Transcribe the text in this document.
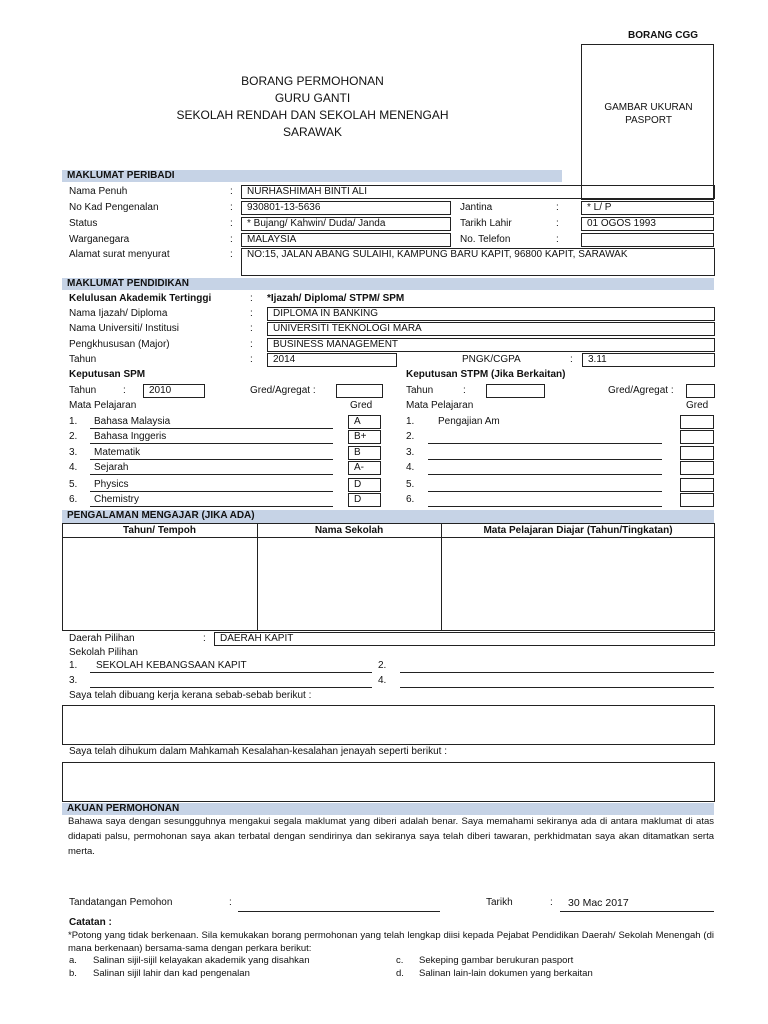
BORANG CGG
BORANG PERMOHONAN
GURU GANTI
SEKOLAH RENDAH DAN SEKOLAH MENENGAH
SARAWAK
GAMBAR UKURAN PASPORT
MAKLUMAT PERIBADI
Nama Penuh	:	NURHASHIMAH BINTI ALI
No Kad Pengenalan	:	930801-13-5636	Jantina	:	* L/ P
Status	:	* Bujang/ Kahwin/ Duda/ Janda	Tarikh Lahir	:	01 OGOS 1993
Warganegara	:	MALAYSIA	No. Telefon	:
Alamat surat menyurat	:	NO:15, JALAN ABANG SULAIHI, KAMPUNG BARU KAPIT, 96800 KAPIT, SARAWAK
MAKLUMAT PENDIDIKAN
Kelulusan Akademik Tertinggi	: *Ijazah/ Diploma/ STPM/ SPM
Nama Ijazah/ Diploma	:	DIPLOMA IN BANKING
Nama Universiti/ Institusi	:	UNIVERSITI TEKNOLOGI MARA
Pengkhususan (Major)	:	BUSINESS MANAGEMENT
Tahun	:	2014	PNGK/CGPA	:	3.11
Keputusan SPM
Tahun	:	2010	Gred/Agregat :
Mata Pelajaran	Gred
1. Bahasa Malaysia	A
2. Bahasa Inggeris	B+
3. Matematik	B
4. Sejarah	A-
5. Physics	D
6. Chemistry	D
Keputusan STPM (Jika Berkaitan)
Tahun	:	Gred/Agregat :
Mata Pelajaran	Gred
1. Pengajian Am
2.
3.
4.
5.
6.
PENGALAMAN MENGAJAR (JIKA ADA)
Tahun/ Tempoh	Nama Sekolah	Mata Pelajaran Diajar (Tahun/Tingkatan)
Daerah Pilihan	:	DAERAH KAPIT
Sekolah Pilihan
1. SEKOLAH KEBANGSAAN KAPIT	2.
3.	4.
Saya telah dibuang kerja kerana sebab-sebab berikut :
Saya telah dihukum dalam Mahkamah Kesalahan-kesalahan jenayah seperti berikut :
AKUAN PERMOHONAN
Bahawa saya dengan sesungguhnya mengakui segala maklumat yang diberi adalah benar. Saya memahami sekiranya ada di antara maklumat di atas didapati palsu, permohonan saya akan terbatal dengan sendirinya dan sekiranya saya telah diberi tawaran, perkhidmatan saya akan ditamatkan serta merta.
Tandatangan Pemohon	:	Tarikh	: 30 Mac 2017
Catatan :
*Potong yang tidak berkenaan. Sila kemukakan borang permohonan yang telah lengkap diisi kepada Pejabat Pendidikan Daerah/ Sekolah Menengah (di mana berkenaan) bersama-sama dengan perkara berikut:
a. Salinan sijil-sijil kelayakan akademik yang disahkan
b. Salinan sijil lahir dan kad pengenalan
c. Sekeping gambar berukuran pasport
d. Salinan lain-lain dokumen yang berkaitan
